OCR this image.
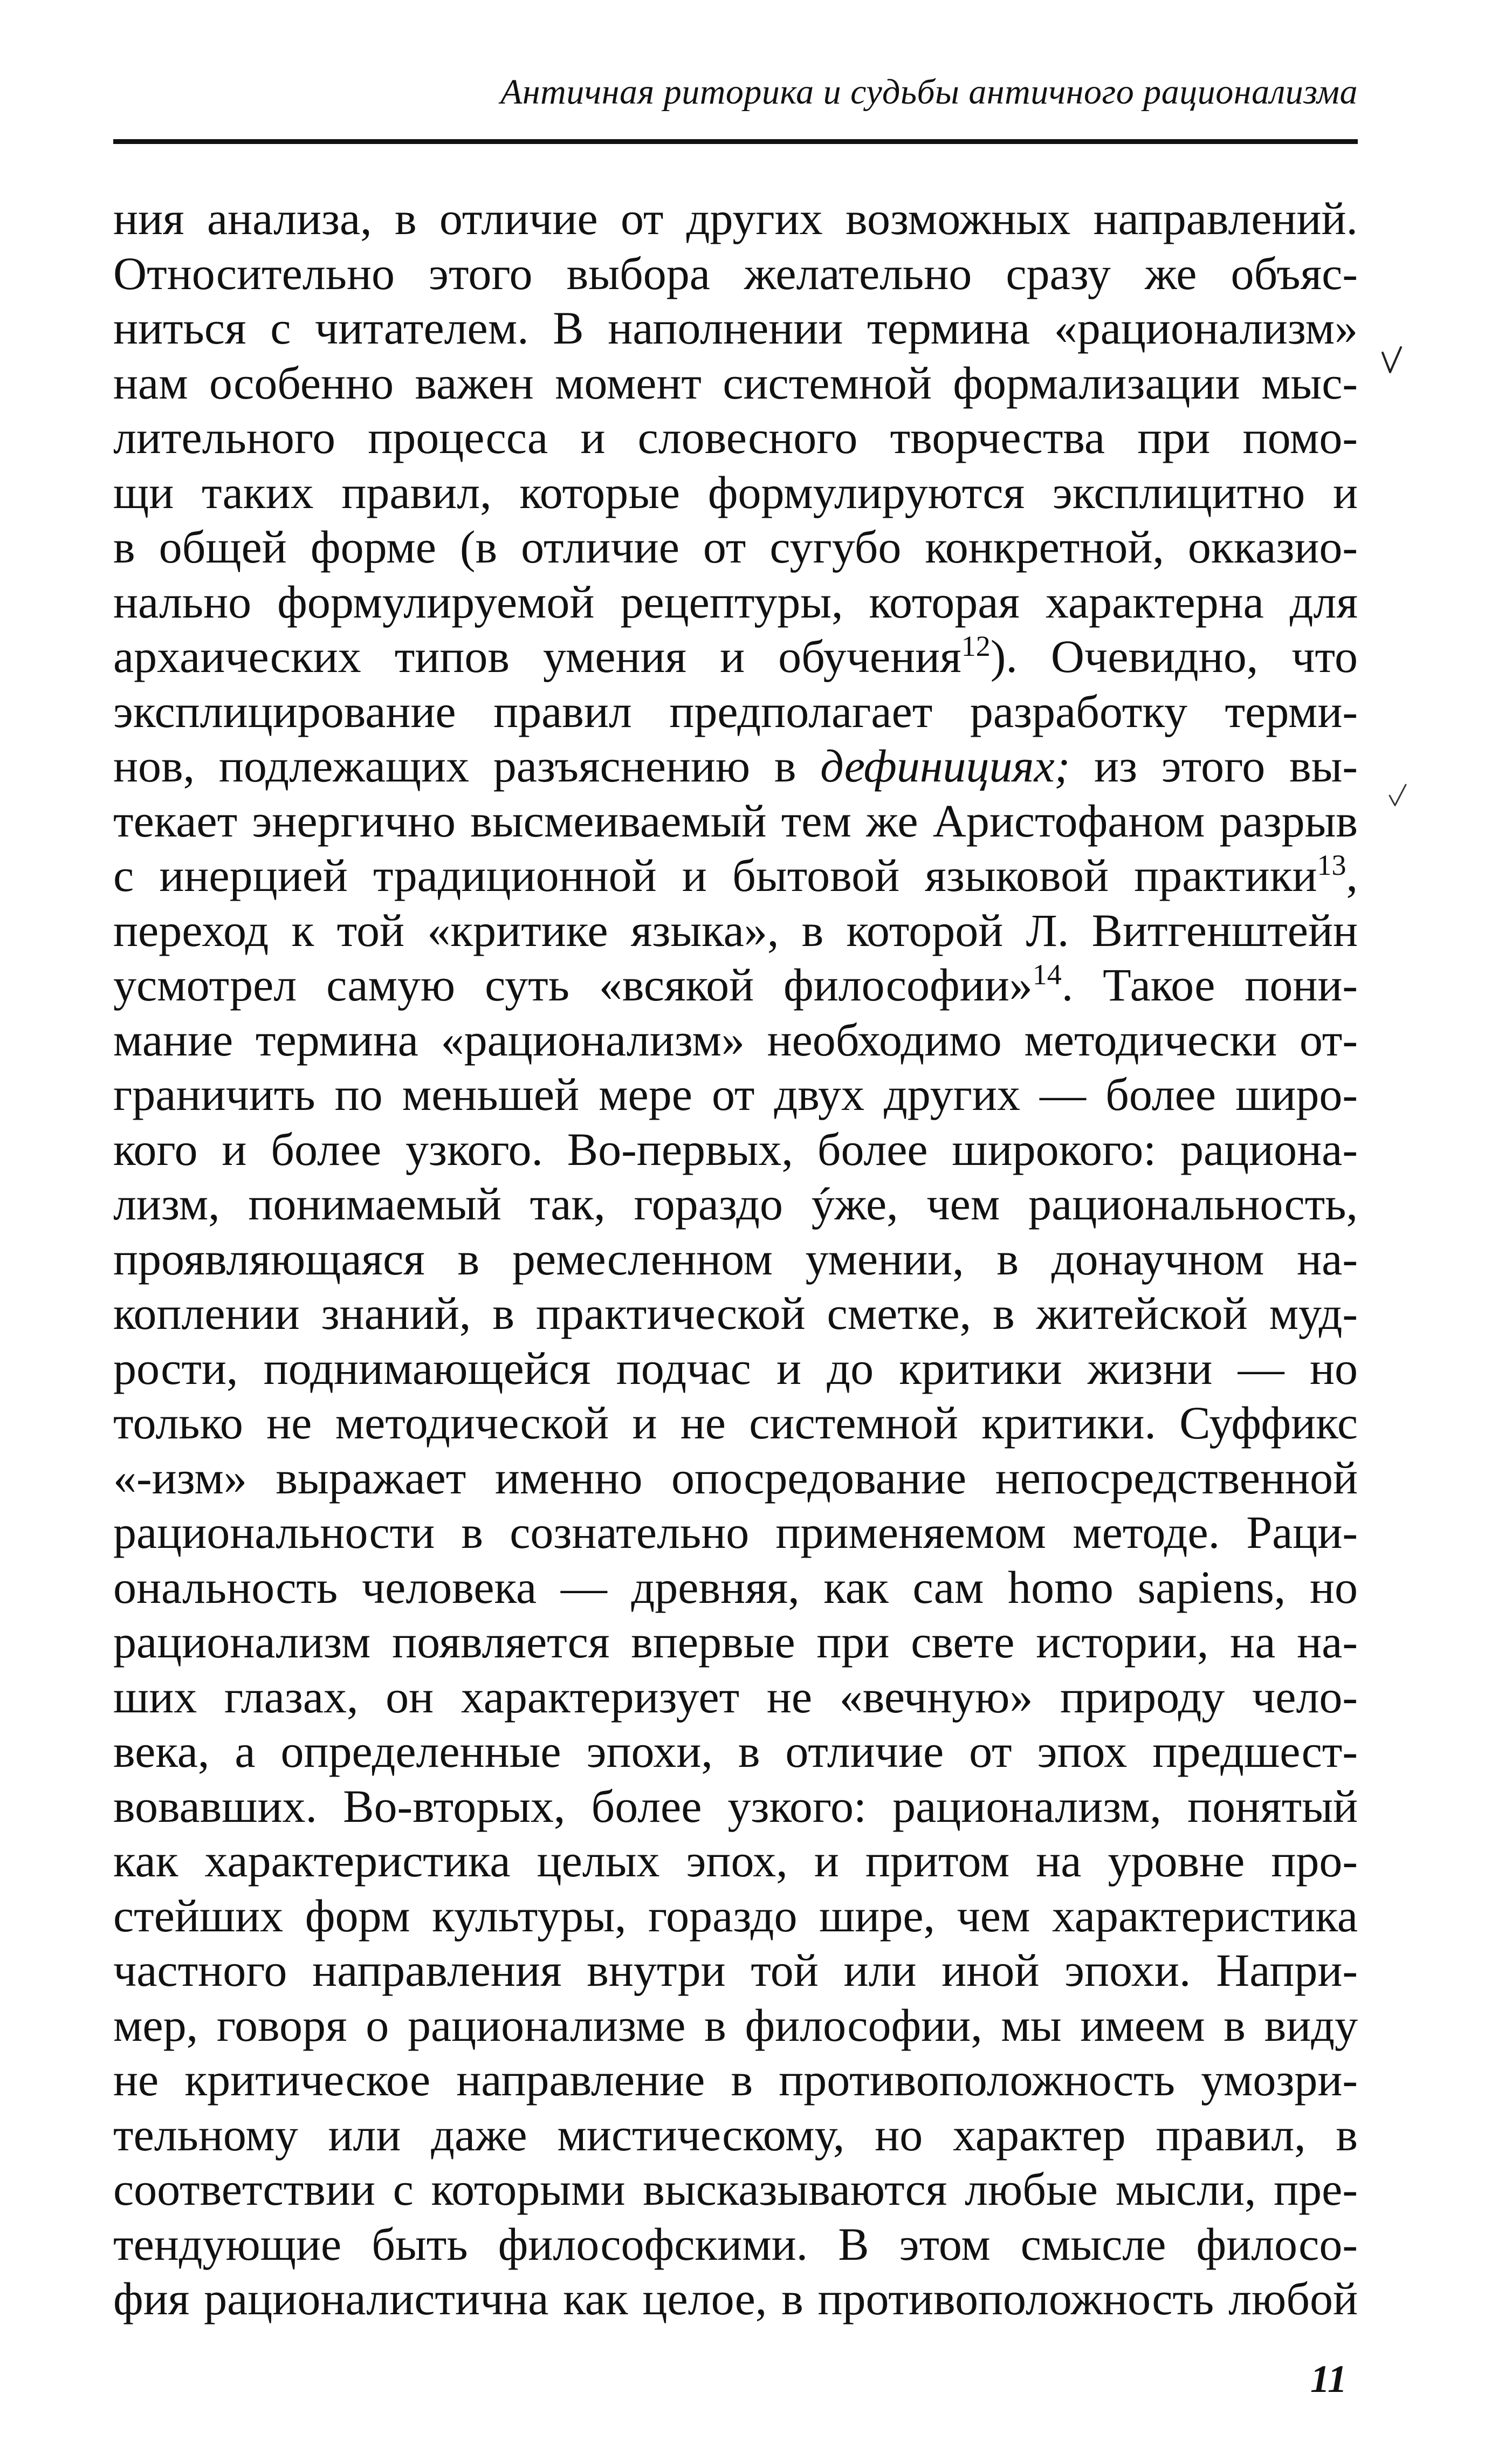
Античная риторика и судьбы античного рационализма
ния анализа, в отличие от других возможных направлений.
Относительно этого выбора желательно сразу же объяс-
ниться с читателем. В наполнении термина «рационализм»
нам особенно важен момент системной формализации мыс-
лительного процесса и словесного творчества при помо-
щи таких правил, которые формулируются эксплицитно и
в общей форме (в отличие от сугубо конкретной, окказио-
нально формулируемой рецептуры, которая характерна для
архаических типов умения и обучения$^{12}$). Очевидно, что
эксплицирование правил предполагает разработку терми-
нов, подлежащих разъяснению в дефинициях; из этого вы-
текает энергично высмеиваемый тем же Аристофаном разрыв
с инерцией традиционной и бытовой языковой практики$^{13}$,
переход к той «критике языка», в которой Л. Витгенштейн
усмотрел самую суть «всякой философии»$^{14}$. Такое пони-
мание термина «рационализм» необходимо методически от-
граничить по меньшей мере от двух других — более широ-
кого и более узкого. Во-первых, более широкого: рациона-
лизм, понимаемый так, гораздо ýже, чем рациональность,
проявляющаяся в ремесленном умении, в донаучном на-
коплении знаний, в практической сметке, в житейской муд-
рости, поднимающейся подчас и до критики жизни — но
только не методической и не системной критики. Суффикс
«-изм» выражает именно опосредование непосредственной
рациональности в сознательно применяемом методе. Раци-
ональность человека — древняя, как сам homo sapiens, но
рационализм появляется впервые при свете истории, на на-
ших глазах, он характеризует не «вечную» природу чело-
века, а определенные эпохи, в отличие от эпох предшест-
вовавших. Во-вторых, более узкого: рационализм, понятый
как характеристика целых эпох, и притом на уровне про-
стейших форм культуры, гораздо шире, чем характеристика
частного направления внутри той или иной эпохи. Напри-
мер, говоря о рационализме в философии, мы имеем в виду
не критическое направление в противоположность умозри-
тельному или даже мистическому, но характер правил, в
соответствии с которыми высказываются любые мысли, пре-
тендующие быть философскими. В этом смысле филосо-
фия рационалистична как целое, в противоположность любой
11
